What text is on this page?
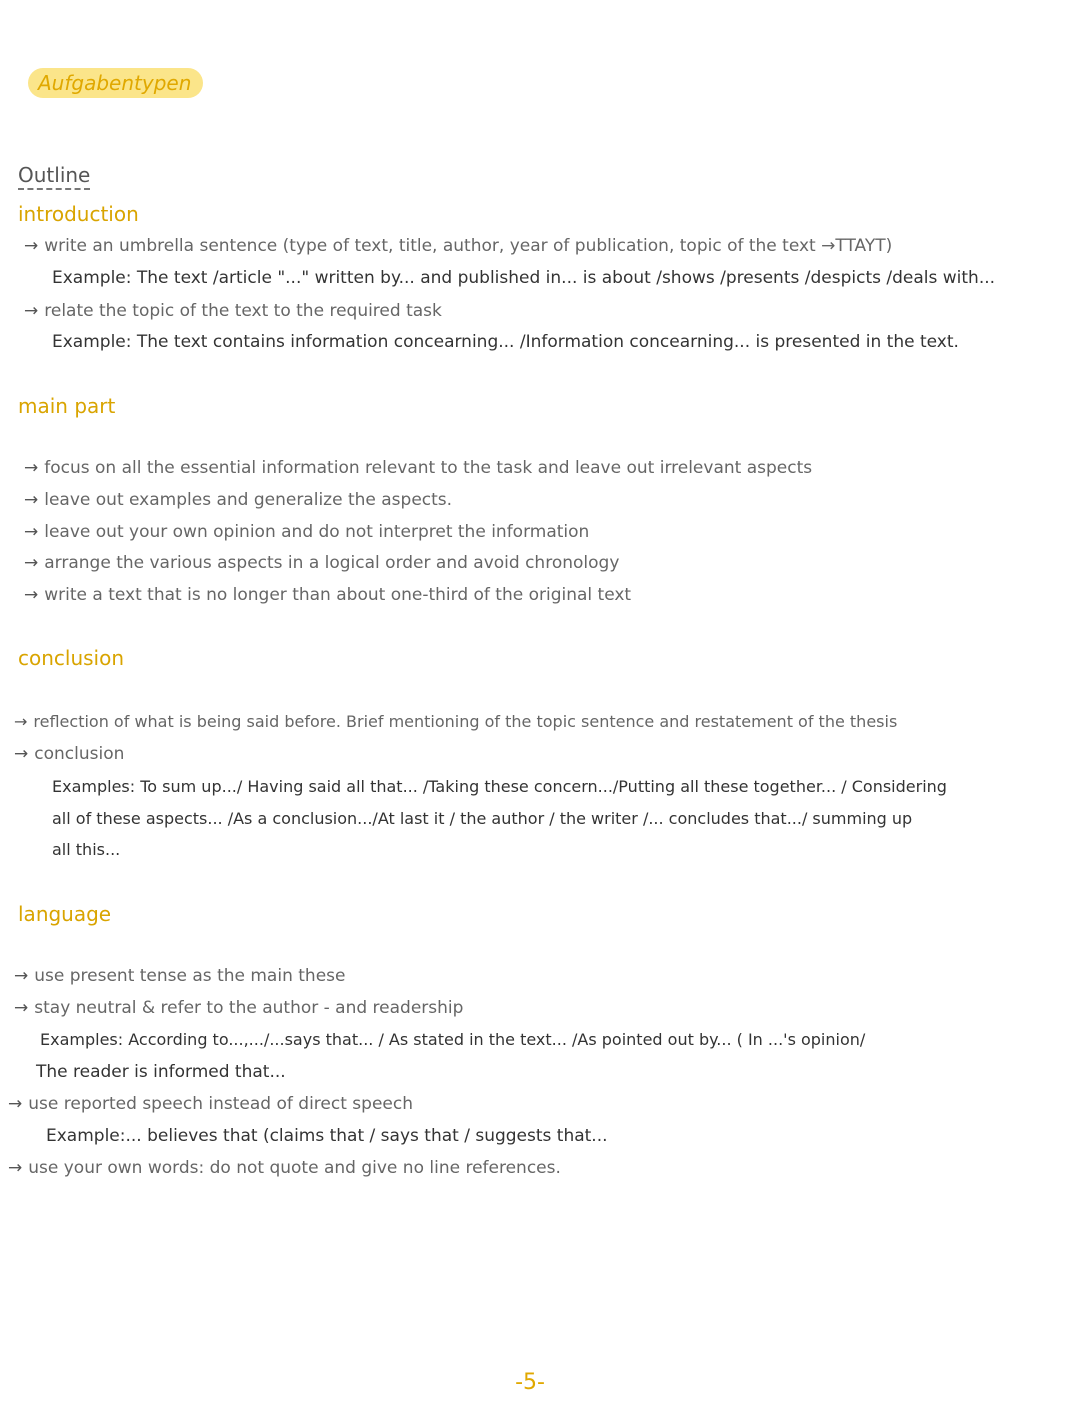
Aufgabentypen
Outline
introduction
→ write an umbrella sentence (type of text, title, author, year of publication, topic of the text →TTAYT)
Example: The text /article "..." written by... and published in... is about /shows /presents /despicts /deals with...
→ relate the topic of the text to the required task
Example: The text contains information concearning... /Information concearning... is presented in the text.
main part
→ focus on all the essential information relevant to the task and leave out irrelevant aspects
→ leave out examples and generalize the aspects.
→ leave out your own opinion and do not interpret the information
→ arrange the various aspects in a logical order and avoid chronology
→ write a text that is no longer than about one-third of the original text
conclusion
→ reflection of what is being said before. Brief mentioning of the topic sentence and restatement of the thesis
→ conclusion
Examples: To sum up.../ Having said all that... /Taking these concern.../Putting all these together... / Considering
all of these aspects... /As a conclusion.../At last it / the author / the writer /... concludes that.../ summing up
all this...
language
→ use present tense as the main these
→ stay neutral & refer to the author - and readership
Examples: According to...,.../...says that... / As stated in the text... /As pointed out by... ( In ...'s opinion/
The reader is informed that...
→ use reported speech instead of direct speech
Example:... believes that (claims that / says that / suggests that...
→ use your own words: do not quote and give no line references.
-5-
